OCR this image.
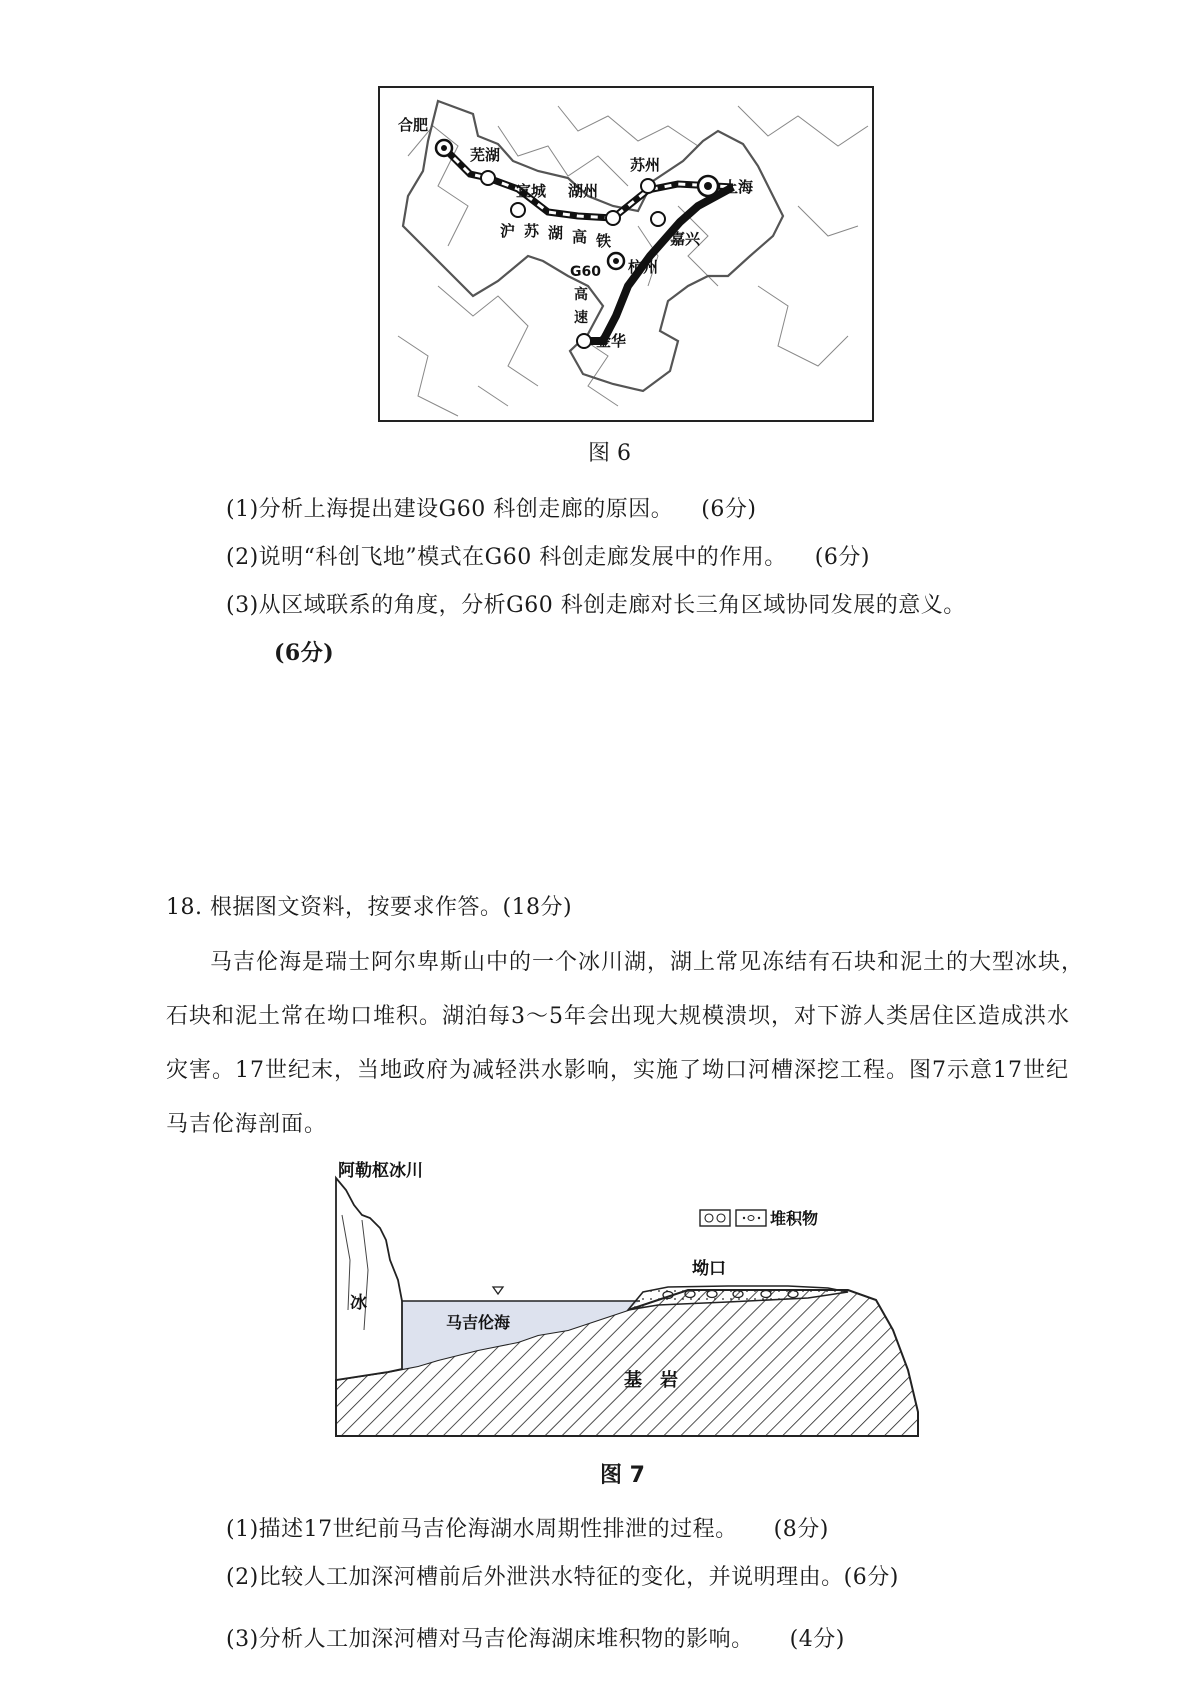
合肥
芜湖
宣城 湖州
苏州
上海
嘉兴
杭州
金华
沪 苏 湖 高 铁
G60
高
速
图 6
(1)分析上海提出建设G60 科创走廊的原因。 (6分)
(2)说明“科创飞地”模式在G60 科创走廊发展中的作用。 (6分)
(3)从区域联系的角度，分析G60 科创走廊对长三角区域协同发展的意义。
(6分)
18. 根据图文资料，按要求作答。(18分)
马吉伦海是瑞士阿尔卑斯山中的一个冰川湖，湖上常见冻结有石块和泥土的大型冰块，石块和泥土常在坳口堆积。湖泊每3～5年会出现大规模溃坝，对下游人类居住区造成洪水灾害。17世纪末，当地政府为减轻洪水影响，实施了坳口河槽深挖工程。图7示意17世纪马吉伦海剖面。
阿勒枢冰川
冰
马吉伦海
坳口
基　岩
堆积物
图 7
(1)描述17世纪前马吉伦海湖水周期性排泄的过程。 (8分)
(2)比较人工加深河槽前后外泄洪水特征的变化，并说明理由。(6分)
(3)分析人工加深河槽对马吉伦海湖床堆积物的影响。 (4分)
